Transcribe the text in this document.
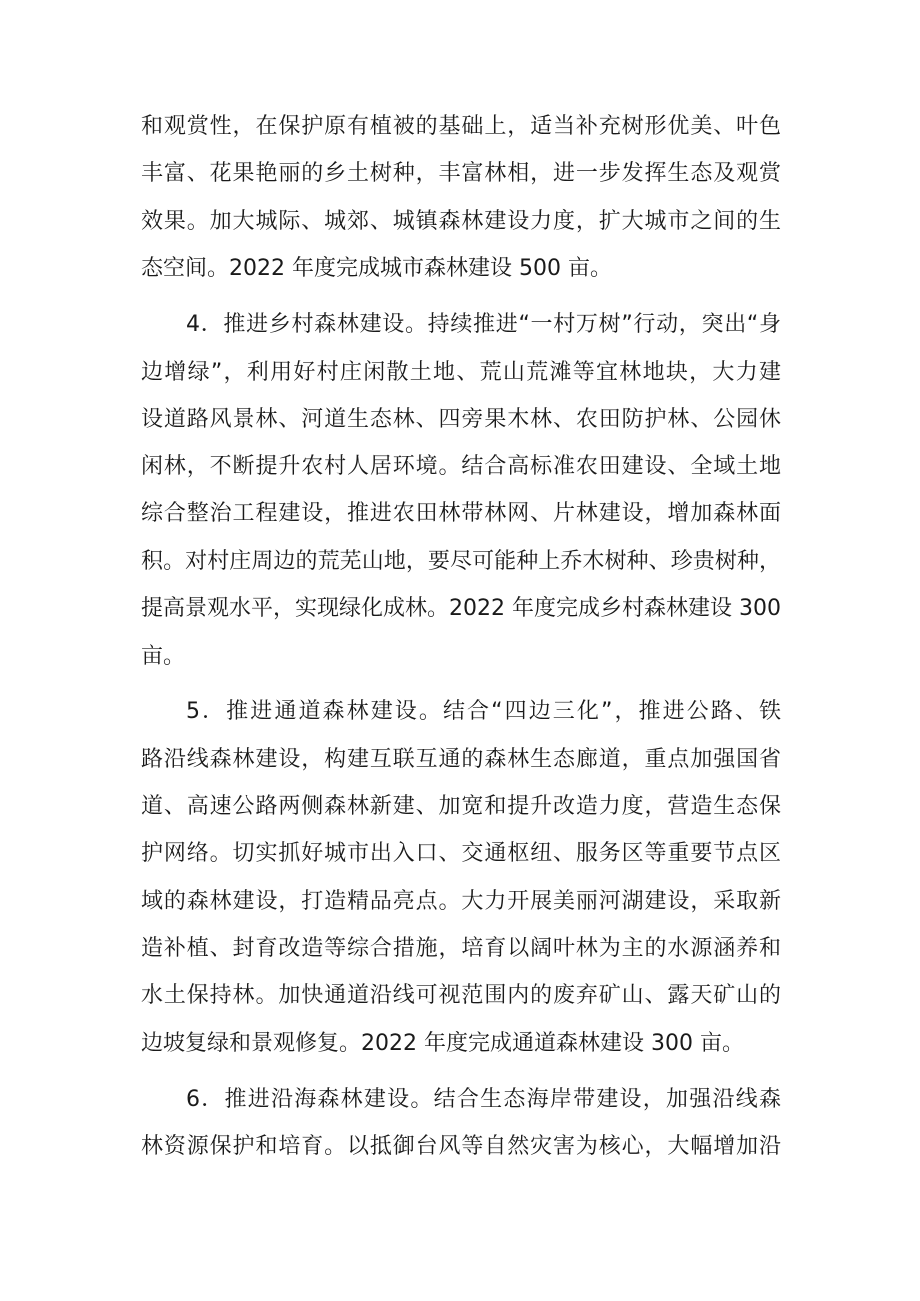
和观赏性，在保护原有植被的基础上，适当补充树形优美、叶色
丰富、花果艳丽的乡土树种，丰富林相，进一步发挥生态及观赏
效果。加大城际、城郊、城镇森林建设力度，扩大城市之间的生
态空间。2022 年度完成城市森林建设 500 亩。
4．推进乡村森林建设。持续推进“一村万树”行动，突出“身
边增绿”，利用好村庄闲散土地、荒山荒滩等宜林地块，大力建
设道路风景林、河道生态林、四旁果木林、农田防护林、公园休
闲林，不断提升农村人居环境。结合高标准农田建设、全域土地
综合整治工程建设，推进农田林带林网、片林建设，增加森林面
积。对村庄周边的荒芜山地，要尽可能种上乔木树种、珍贵树种，
提高景观水平，实现绿化成林。2022 年度完成乡村森林建设 300
亩。
5．推进通道森林建设。结合“四边三化”，推进公路、铁
路沿线森林建设，构建互联互通的森林生态廊道，重点加强国省
道、高速公路两侧森林新建、加宽和提升改造力度，营造生态保
护网络。切实抓好城市出入口、交通枢纽、服务区等重要节点区
域的森林建设，打造精品亮点。大力开展美丽河湖建设，采取新
造补植、封育改造等综合措施，培育以阔叶林为主的水源涵养和
水土保持林。加快通道沿线可视范围内的废弃矿山、露天矿山的
边坡复绿和景观修复。2022 年度完成通道森林建设 300 亩。
6．推进沿海森林建设。结合生态海岸带建设，加强沿线森
林资源保护和培育。以抵御台风等自然灾害为核心，大幅增加沿
